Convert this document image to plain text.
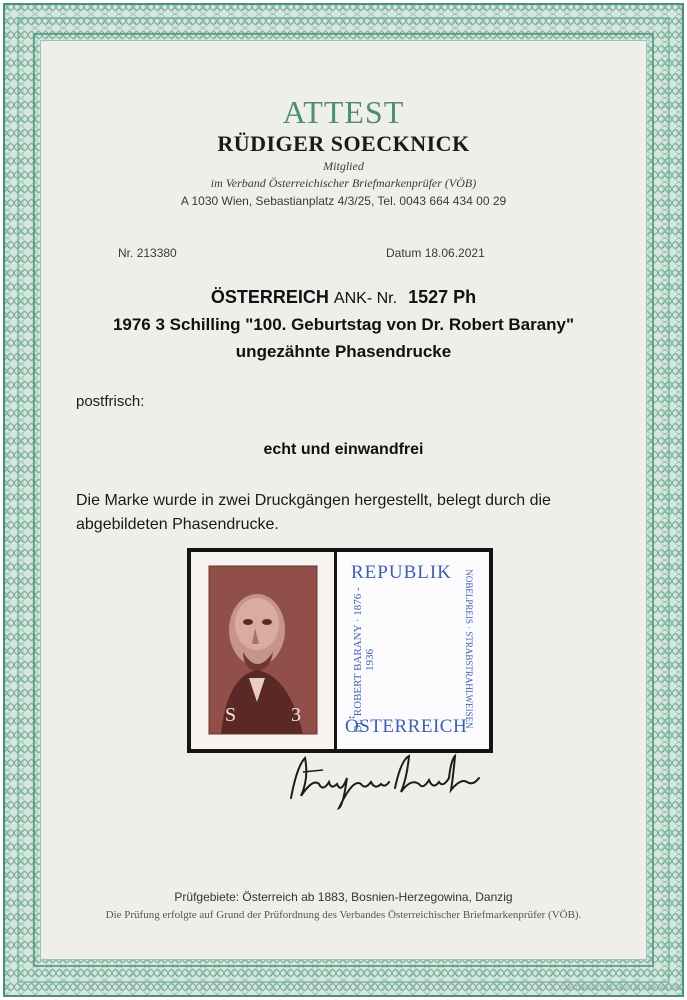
ATTEST
RÜDIGER SOECKNICK
Mitglied
im Verband Österreichischer Briefmarkenprüfer (VÖB)
A 1030 Wien, Sebastianplatz 4/3/25, Tel. 0043 664 434 00 29
Nr. 213380	Datum 18.06.2021
ÖSTERREICH ANK- Nr. 1527 Ph
1976 3 Schilling "100. Geburtstag von Dr. Robert Barany"
ungezähnte Phasendrucke
postfrisch:
echt und einwandfrei
Die Marke wurde in zwei Druckgängen hergestellt, belegt durch die
abgebildeten Phasendrucke.
S	3
REPUBLIK
Dr. ROBERT BARANY · 1876 - 1936	NOBELPREIS · STRABSTRAHLWEISEN
ÖSTERREICH
Prüfgebiete: Österreich ab 1883, Bosnien-Herzegowina, Danzig
Die Prüfung erfolgte auf Grund der Prüfordnung des Verbandes Österreichischer Briefmarkenprüfer (VÖB).
© ÖSTERREICHISCHE STAATSDRUCKEREI
